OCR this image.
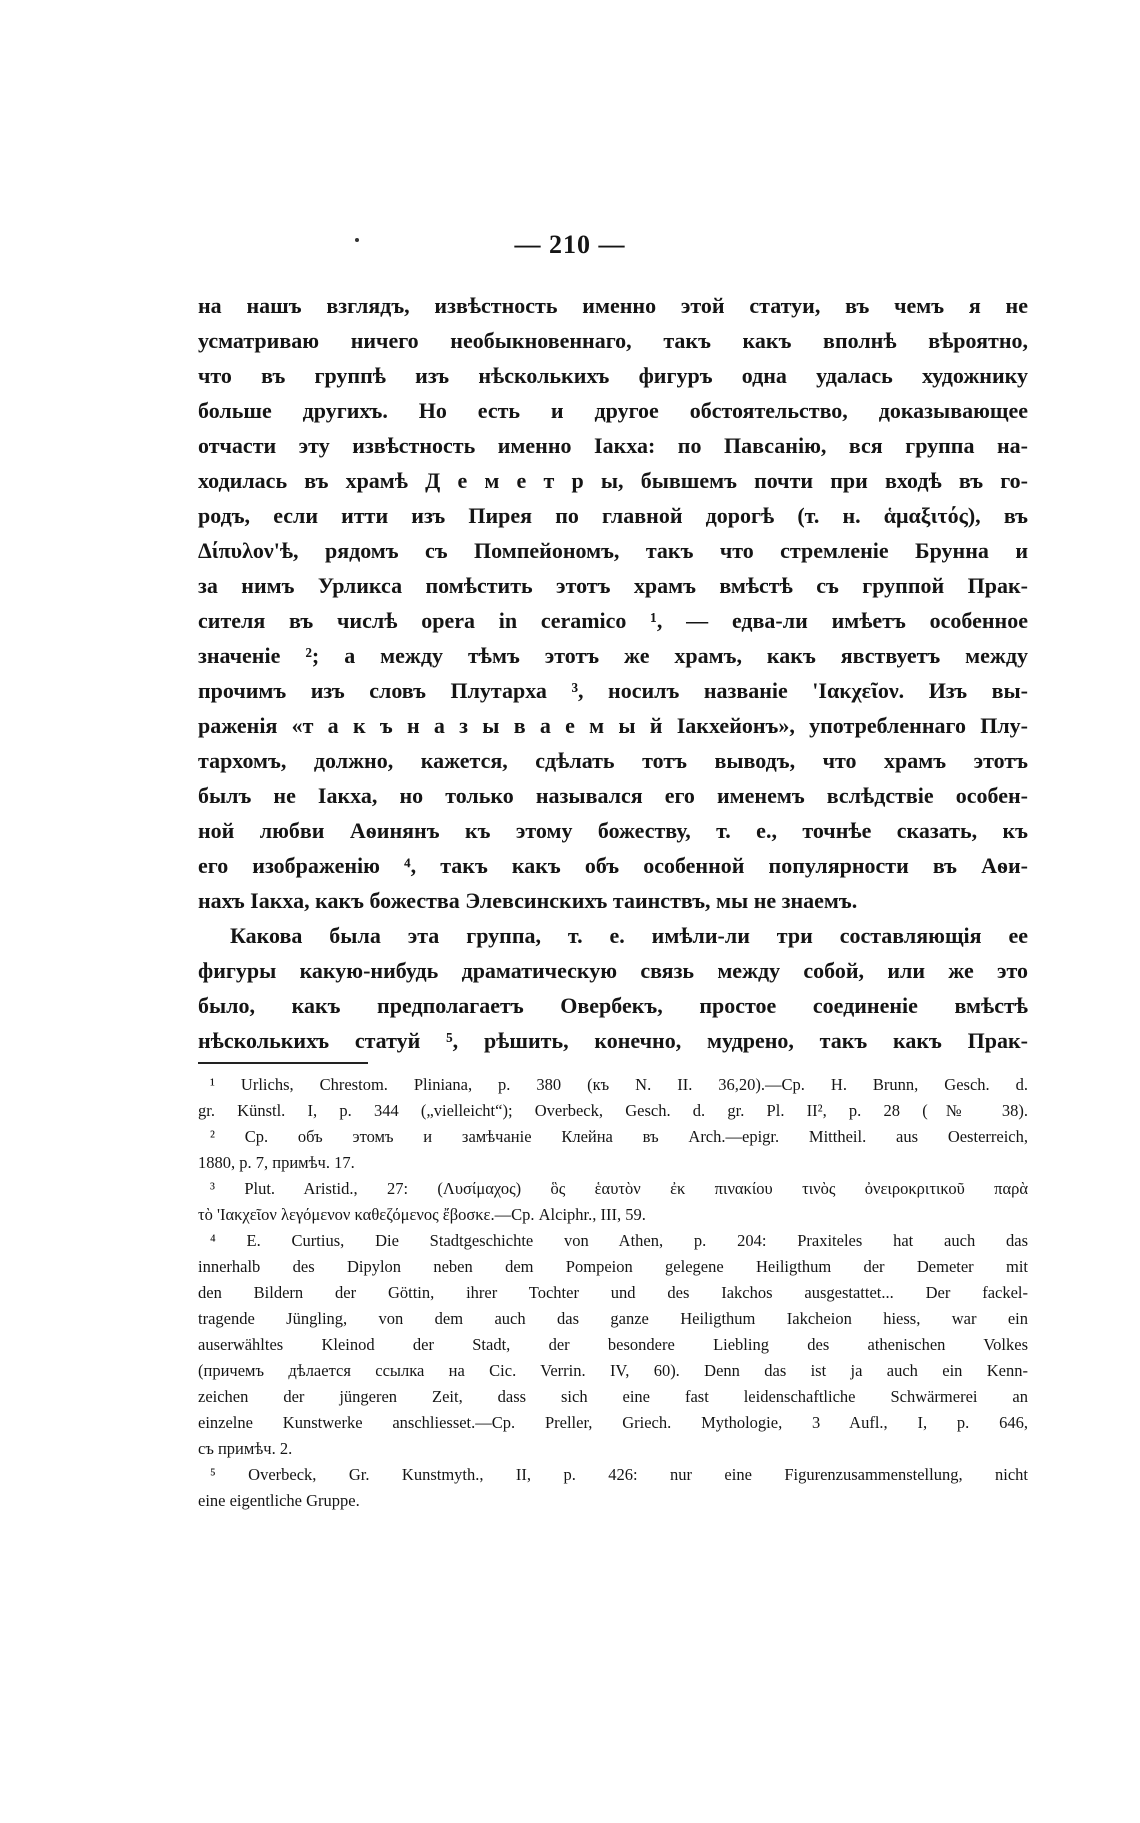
— 210 —
на нашъ взглядъ, извѣстность именно этой статуи, въ чемъ я не
усматриваю ничего необыкновеннаго, такъ какъ вполнѣ вѣроятно,
что въ группѣ изъ нѣсколькихъ фигуръ одна удалась художнику
больше другихъ. Но есть и другое обстоятельство, доказывающее
отчасти эту извѣстность именно Іакха: по Павсанію, вся группа на-
ходилась въ храмѣ Д е м е т р ы, бывшемъ почти при входѣ въ го-
родъ, если итти изъ Пирея по главной дорогѣ (т. н. ἁμαξιτός), въ
Δίπυλον'ѣ, рядомъ съ Помпейономъ, такъ что стремленіе Брунна и
за нимъ Урликса помѣстить этотъ храмъ вмѣстѣ съ группой Прак-
сителя въ числѣ opera in ceramico ¹, — едва-ли имѣетъ особенное
значеніе ²; а между тѣмъ этотъ же храмъ, какъ явствуетъ между
прочимъ изъ словъ Плутарха ³, носилъ названіе 'Ιακχεῖον. Изъ вы-
раженія «т а к ъ н а з ы в а е м ы й Іакхейонъ», употребленнаго Плу-
тархомъ, должно, кажется, сдѣлать тотъ выводъ, что храмъ этотъ
былъ не Іакха, но только назывался его именемъ вслѣдствіе особен-
ной любви Аѳинянъ къ этому божеству, т. е., точнѣе сказать, къ
его изображенію ⁴, такъ какъ объ особенной популярности въ Аѳи-
нахъ Іакха, какъ божества Элевсинскихъ таинствъ, мы не знаемъ.
Какова была эта группа, т. е. имѣли-ли три составляющія ее
фигуры какую-нибудь драматическую связь между собой, или же это
было, какъ предполагаетъ Овербекъ, простое соединеніе вмѣстѣ
нѣсколькихъ статуй ⁵, рѣшить, конечно, мудрено, такъ какъ Прак-
¹ Urlichs, Chrestom. Pliniana, p. 380 (къ N. II. 36,20).—Ср. H. Brunn, Gesch. d.
gr. Künstl. I, p. 344 („vielleicht“); Overbeck, Gesch. d. gr. Pl. II², p. 28 (№ 38).
² Ср. объ этомъ и замѣчаніе Клейна въ Arch.—epigr. Mittheil. aus Oesterreich,
1880, p. 7, примѣч. 17.
³ Plut. Aristid., 27: (Λυσίμαχος) ὃς ἑαυτὸν ἐκ πινακίου τινὸς ὀνειροκριτικοῦ παρὰ
τὸ 'Ιακχεῖον λεγόμενον καθεζόμενος ἔβοσκε.—Ср. Alciphr., III, 59.
⁴ E. Curtius, Die Stadtgeschichte von Athen, p. 204: Praxiteles hat auch das
innerhalb des Dipylon neben dem Pompeion gelegene Heiligthum der Demeter mit
den Bildern der Göttin, ihrer Tochter und des Iakchos ausgestattet... Der fackel-
tragende Jüngling, von dem auch das ganze Heiligthum Iakcheion hiess, war ein
auserwähltes Kleinod der Stadt, der besondere Liebling des athenischen Volkes
(причемъ дѣлается ссылка на Cic. Verrin. IV, 60). Denn das ist ja auch ein Kenn-
zeichen der jüngeren Zeit, dass sich eine fast leidenschaftliche Schwärmerei an
einzelne Kunstwerke anschliesset.—Ср. Preller, Griech. Mythologie, 3 Aufl., I, p. 646,
съ примѣч. 2.
⁵ Overbeck, Gr. Kunstmyth., II, p. 426: nur eine Figurenzusammenstellung, nicht
eine eigentliche Gruppe.
